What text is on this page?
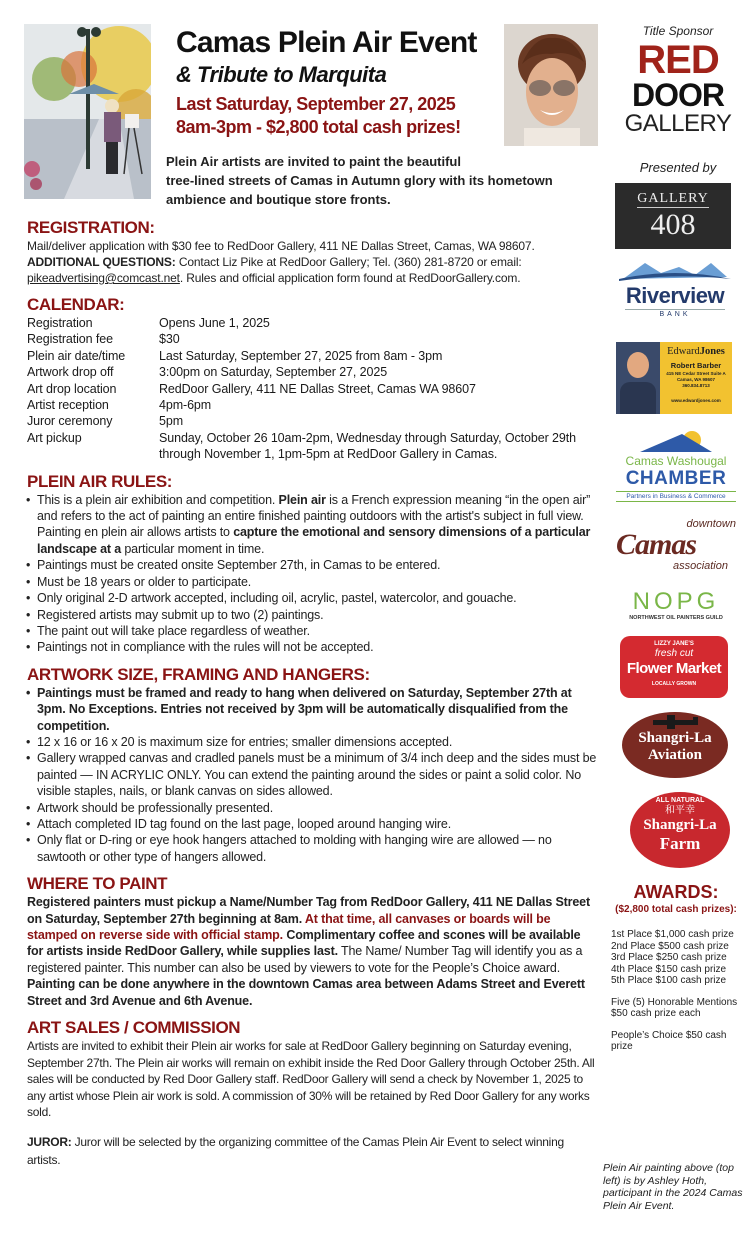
Camas Plein Air Event
& Tribute to Marquita
Last Saturday, September 27, 2025
8am-3pm - $2,800 total cash prizes!
Plein Air artists are invited to paint the beautiful
tree-lined streets of Camas in Autumn glory with its hometown
ambience and boutique store fronts.
REGISTRATION:
Mail/deliver application with $30 fee to RedDoor Gallery, 411 NE Dallas Street, Camas, WA 98607.
ADDITIONAL QUESTIONS: Contact Liz Pike at RedDoor Gallery; Tel. (360) 281-8720 or email:
pikeadvertising@comcast.net. Rules and official application form found at RedDoorGallery.com.
CALENDAR:
Registration	Opens June 1, 2025
Registration fee	$30
Plein air date/time	Last Saturday, September 27, 2025 from 8am - 3pm
Artwork drop off	3:00pm on Saturday, September 27, 2025
Art drop location	RedDoor Gallery, 411 NE Dallas Street, Camas WA 98607
Artist reception	4pm-6pm
Juror ceremony	5pm
Art pickup	Sunday, October 26 10am-2pm, Wednesday through Saturday, October 29th through November 1, 1pm-5pm at RedDoor Gallery in Camas.
PLEIN AIR RULES:
• This is a plein air exhibition and competition. Plein air is a French expression meaning “in the open air” and refers to the act of painting an entire finished painting outdoors with the artist's subject in full view. Painting en plein air allows artists to capture the emotional and sensory dimensions of a particular landscape at a particular moment in time.
• Paintings must be created onsite September 27th, in Camas to be entered.
• Must be 18 years or older to participate.
• Only original 2-D artwork accepted, including oil, acrylic, pastel, watercolor, and gouache.
• Registered artists may submit up to two (2) paintings.
• The paint out will take place regardless of weather.
• Paintings not in compliance with the rules will not be accepted.
ARTWORK SIZE, FRAMING AND HANGERS:
• Paintings must be framed and ready to hang when delivered on Saturday, September 27th at 3pm. No Exceptions. Entries not received by 3pm will be automatically disqualified from the competition.
• 12 x 16 or 16 x 20 is maximum size for entries; smaller dimensions accepted.
• Gallery wrapped canvas and cradled panels must be a minimum of 3/4 inch deep and the sides must be painted — IN ACRYLIC ONLY. You can extend the painting around the sides or paint a solid color. No visible staples, nails, or blank canvas on sides allowed.
• Artwork should be professionally presented.
• Attach completed ID tag found on the last page, looped around hanging wire.
• Only flat or D-ring or eye hook hangers attached to molding with hanging wire are allowed — no sawtooth or other type of hangers allowed.
WHERE TO PAINT
Registered painters must pickup a Name/Number Tag from RedDoor Gallery, 411 NE Dallas Street on Saturday, September 27th beginning at 8am. At that time, all canvases or boards will be stamped on reverse side with official stamp. Complimentary coffee and scones will be available for artists inside RedDoor Gallery, while supplies last. The Name/ Number Tag will identify you as a registered painter. This number can also be used by viewers to vote for the People’s Choice award. Painting can be done anywhere in the downtown Camas area between Adams Street and Everett Street and 3rd Avenue and 6th Avenue.
ART SALES / COMMISSION
Artists are invited to exhibit their Plein air works for sale at RedDoor Gallery beginning on Saturday evening, September 27th. The Plein air works will remain on exhibit inside the Red Door Gallery through October 25th. All sales will be conducted by Red Door Gallery staff. RedDoor Gallery will send a check by November 1, 2025 to any artist whose Plein air work is sold. A commission of 30% will be retained by Red Door Gallery for any works sold.
JUROR: Juror will be selected by the organizing committee of the Camas Plein Air Event to select winning artists.
Title Sponsor
RED
DOOR
GALLERY
Presented by
GALLERY
408
Riverview
BANK
EdwardJones
Robert Barber
415 NE Cedar Street Suite A
Camas, WA 98607
360.834.8713
www.edwardjones.com
Camas Washougal
CHAMBER
Partners in Business & Commerce
downtown
Camas
association
NOPG
NORTHWEST OIL PAINTERS GUILD
LIZZY JANE'S
fresh cut
Flower Market
LOCALLY GROWN
Shangri-La
Aviation
ALL NATURAL
和平幸
Shangri-La
Farm
AWARDS:
($2,800 total cash prizes):
1st Place $1,000 cash prize
2nd Place $500 cash prize
3rd Place $250 cash prize
4th Place $150 cash prize
5th Place $100 cash prize
Five (5) Honorable Mentions
$50 cash prize each
People’s Choice $50 cash prize
Plein Air painting above (top left) is by Ashley Hoth, participant in the 2024 Camas Plein Air Event.
